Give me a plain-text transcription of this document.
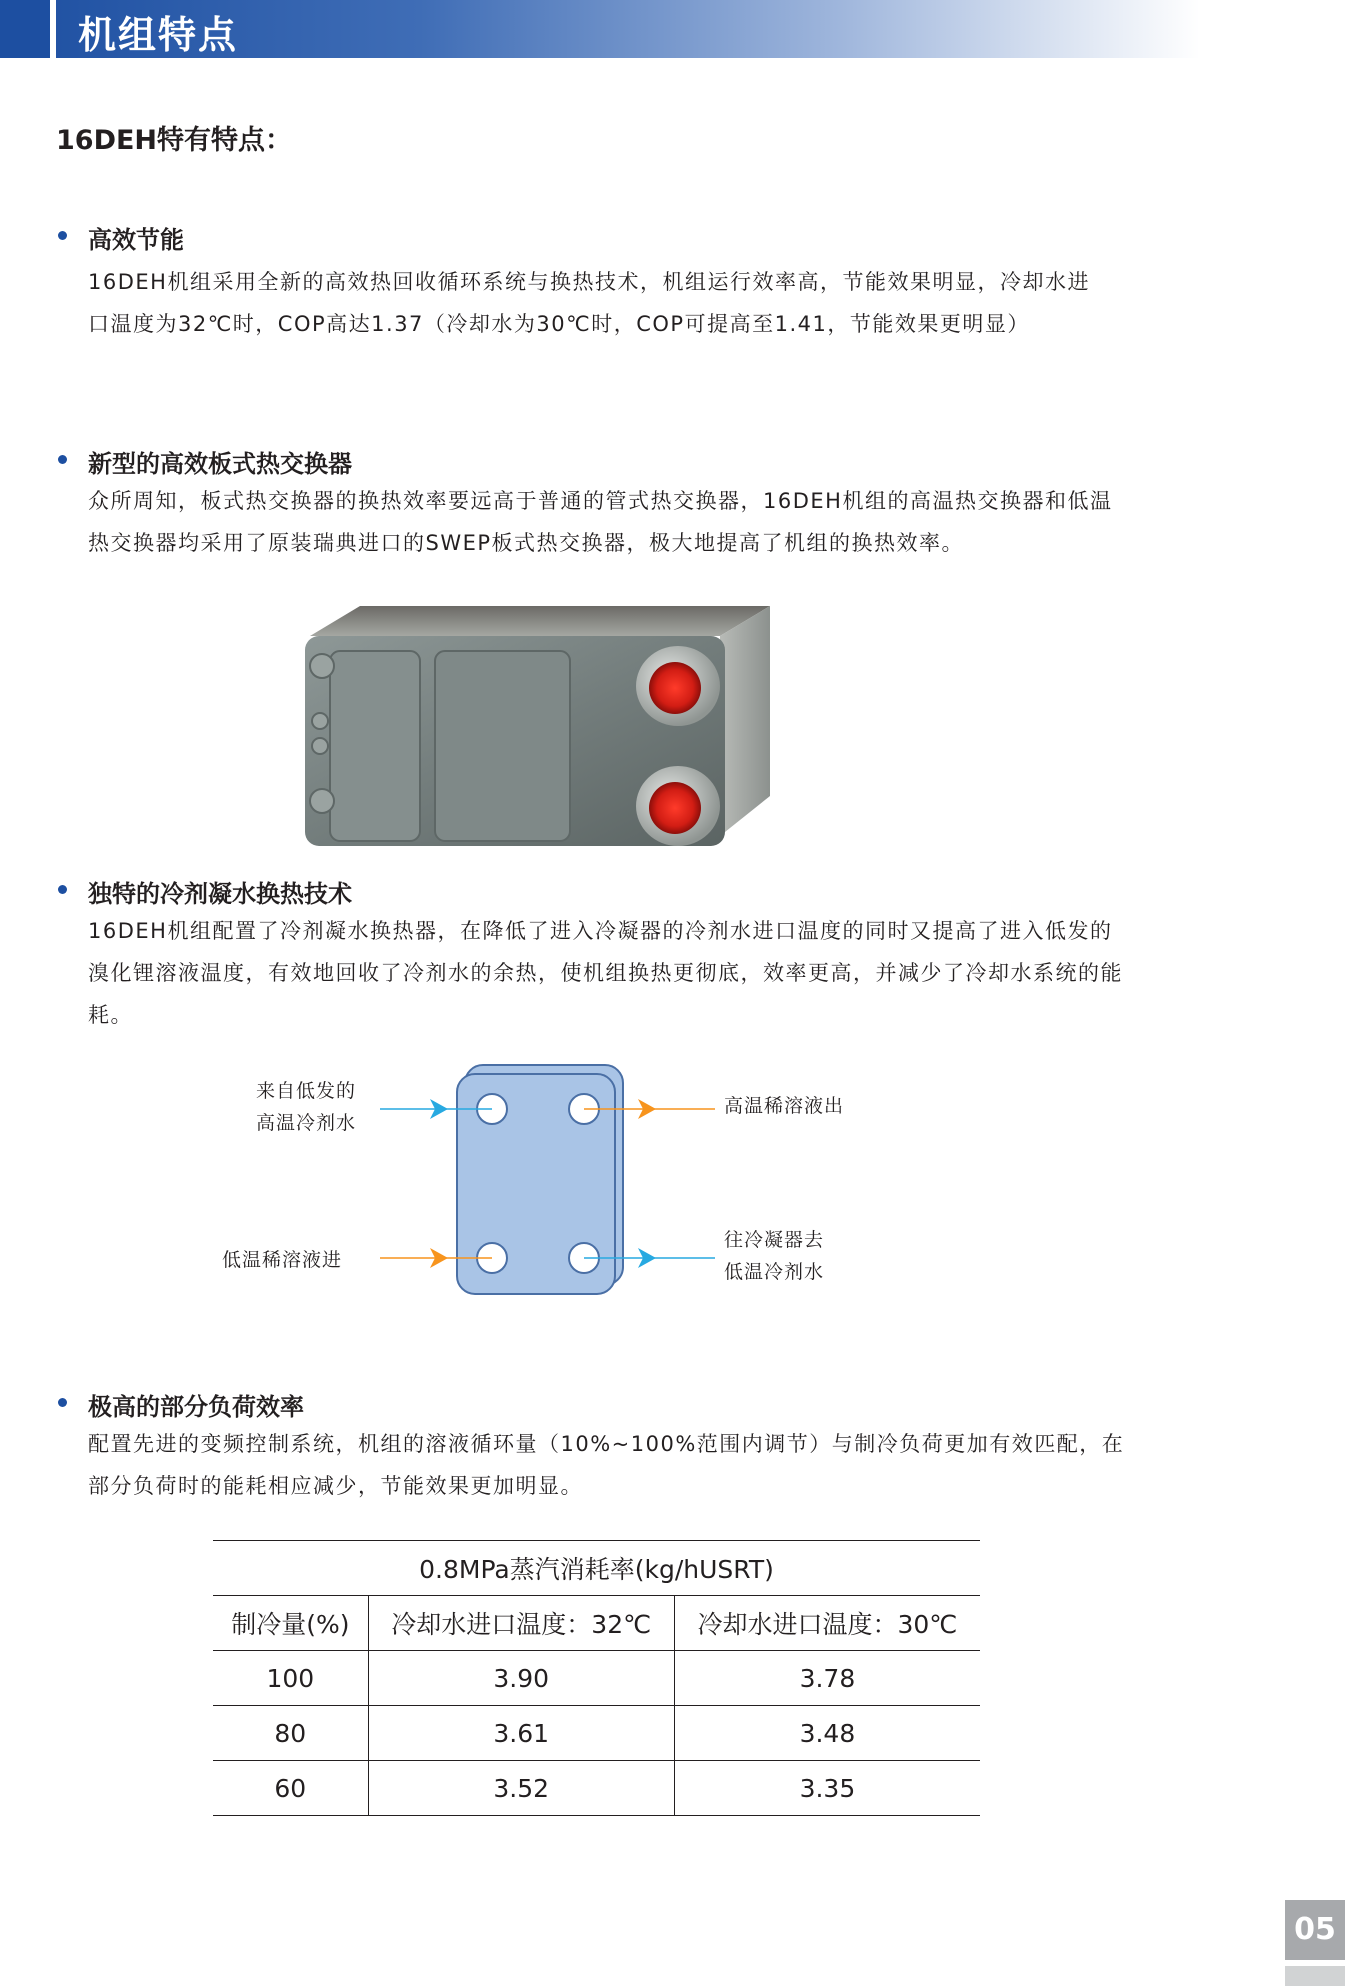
机组特点
16DEH特有特点：
高效节能
16DEH机组采用全新的高效热回收循环系统与换热技术，机组运行效率高，节能效果明显，冷却水进
口温度为32℃时，COP高达1.37（冷却水为30℃时，COP可提高至1.41，节能效果更明显）
新型的高效板式热交换器
众所周知，板式热交换器的换热效率要远高于普通的管式热交换器，16DEH机组的高温热交换器和低温
热交换器均采用了原装瑞典进口的SWEP板式热交换器，极大地提高了机组的换热效率。
独特的冷剂凝水换热技术
16DEH机组配置了冷剂凝水换热器，在降低了进入冷凝器的冷剂水进口温度的同时又提高了进入低发的
溴化锂溶液温度，有效地回收了冷剂水的余热，使机组换热更彻底，效率更高，并减少了冷却水系统的能
耗。
来自低发的
高温冷剂水
低温稀溶液进
高温稀溶液出
往冷凝器去
低温冷剂水
极高的部分负荷效率
配置先进的变频控制系统，机组的溶液循环量（10%~100%范围内调节）与制冷负荷更加有效匹配，在
部分负荷时的能耗相应减少，节能效果更加明显。
0.8MPa蒸汽消耗率(kg/hUSRT)		
制冷量(%)	冷却水进口温度：32℃	冷却水进口温度：30℃
100	3.90	3.78
80	3.61	3.48
60	3.52	3.35
05
